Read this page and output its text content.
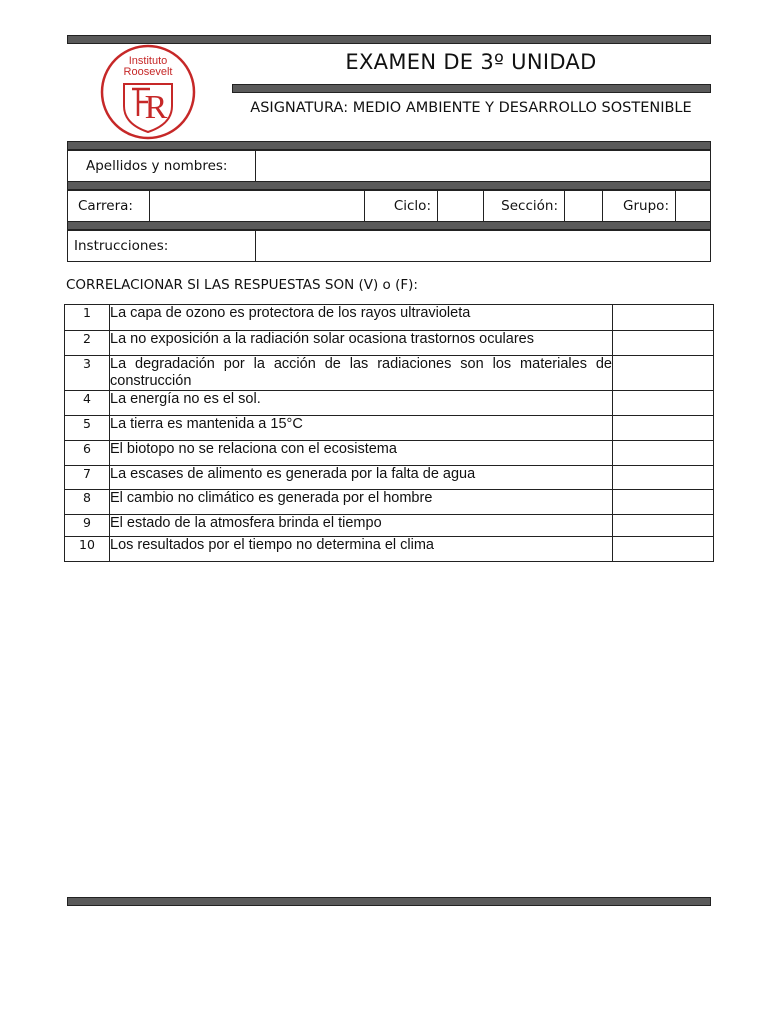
Instituto
Roosevelt
R
EXAMEN DE 3º UNIDAD
ASIGNATURA: MEDIO AMBIENTE Y DESARROLLO SOSTENIBLE
Apellidos y nombres:
Carrera:	Ciclo:	Sección:	Grupo:
Instrucciones:
CORRELACIONAR SI LAS RESPUESTAS SON (V) o (F):
1	La capa de ozono es protectora de los rayos ultravioleta	
2	La no exposición a la radiación solar ocasiona trastornos oculares	
3	La degradación por la acción de las radiaciones son los materiales de construcción	
4	La energía no es el sol.	
5	La tierra es mantenida a 15°C	
6	El biotopo no se relaciona con el ecosistema	
7	La escases de alimento es generada por la falta de agua	
8	El cambio no climático es generada por el hombre	
9	El estado de la atmosfera brinda el tiempo	
10	Los resultados por el tiempo no determina el clima	
